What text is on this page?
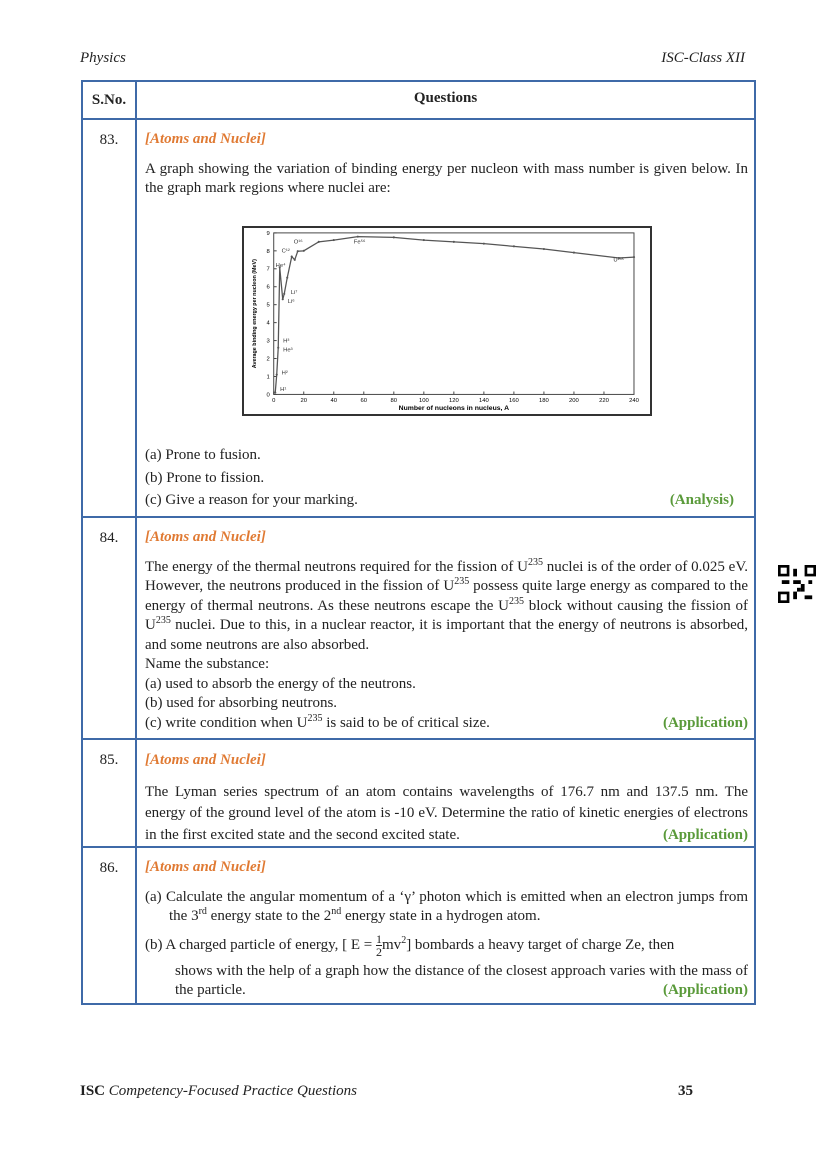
Physics	ISC-Class XII
S.No.	Questions
83.	[Atoms and Nuclei]

A graph showing the variation of binding energy per nucleon with mass number is given below. In the graph mark regions where nuclei are:

0	20	40	60	80	100	120	140	160	180	200	220	240
0
1
2
3
4
5
6
7
8
9
Number of nucleons in nucleus, A
Average binding energy per nucleon (MeV)
H¹
H²
H³
He³
He⁴
Li⁶
Li⁷
C¹²
O¹⁶	Fe⁵⁶
U²³⁵

(a) Prone to fusion.

(b) Prone to fission.

(c) Give a reason for your marking.	(Analysis)

84.	[Atoms and Nuclei]

The energy of the thermal neutrons required for the fission of $U^{235}$ nuclei is of the order of 0.025 eV. However, the neutrons produced in the fission of $U^{235}$ possess quite large energy as compared to the energy of thermal neutrons. As these neutrons escape the $U^{235}$ block without causing the fission of $U^{235}$ nuclei. Due to this, in a nuclear reactor, it is important that the energy of neutrons is absorbed, and some neutrons are also absorbed.

Name the substance:

(a) used to absorb the energy of the neutrons.

(b) used for absorbing neutrons.

(c) write condition when $U^{235}$ is said to be of critical size.	(Application)

85.	[Atoms and Nuclei]

The Lyman series spectrum of an atom contains wavelengths of 176.7 nm and 137.5 nm. The energy of the ground level of the atom is -10 eV. Determine the ratio of kinetic energies of electrons in the first excited state and the second excited state.	(Application)

86.	[Atoms and Nuclei]

(a) Calculate the angular momentum of a ‘γ’ photon which is emitted when an electron jumps from the 3rd energy state to the 2nd energy state in a hydrogen atom.

(b) A charged particle of energy, [ $E = \frac{1}{2} mv^2$] bombards a heavy target of charge Ze, then

shows with the help of a graph how the distance of the closest approach varies with the mass of the particle.	(Application)

ISC Competency-Focused Practice Questions	35
